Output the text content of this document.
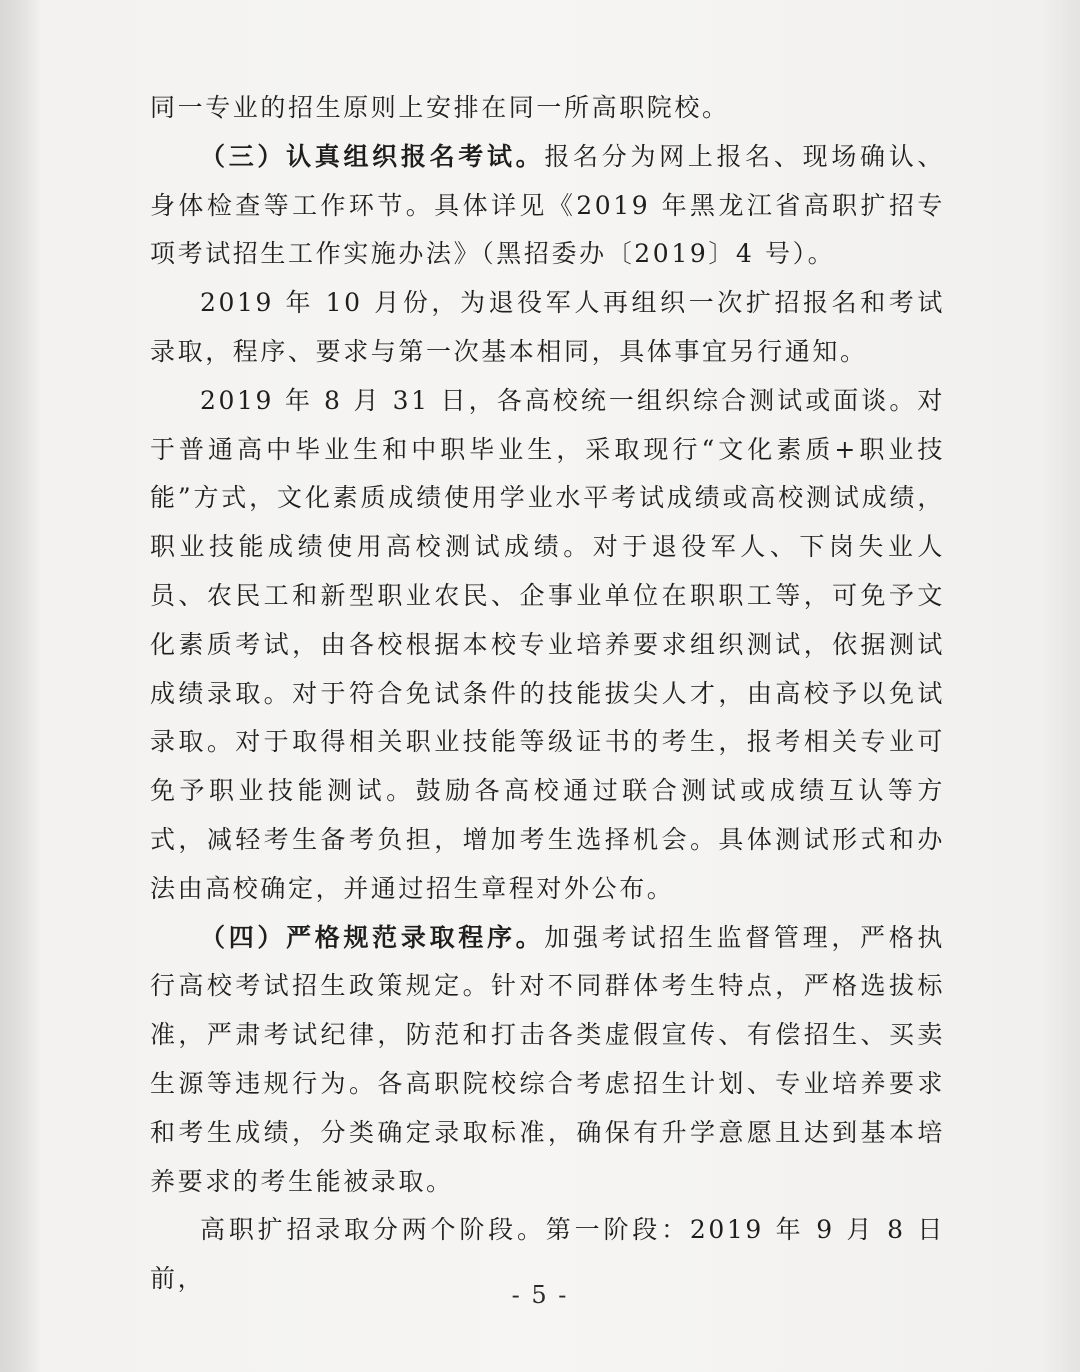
同一专业的招生原则上安排在同一所高职院校。

（三）认真组织报名考试。报名分为网上报名、现场确认、身体检查等工作环节。具体详见《2019 年黑龙江省高职扩招专项考试招生工作实施办法》（黑招委办〔2019〕4 号）。

2019 年 10 月份，为退役军人再组织一次扩招报名和考试录取，程序、要求与第一次基本相同，具体事宜另行通知。

2019 年 8 月 31 日，各高校统一组织综合测试或面谈。对于普通高中毕业生和中职毕业生，采取现行“文化素质+职业技能”方式，文化素质成绩使用学业水平考试成绩或高校测试成绩，职业技能成绩使用高校测试成绩。对于退役军人、下岗失业人员、农民工和新型职业农民、企事业单位在职职工等，可免予文化素质考试，由各校根据本校专业培养要求组织测试，依据测试成绩录取。对于符合免试条件的技能拔尖人才，由高校予以免试录取。对于取得相关职业技能等级证书的考生，报考相关专业可免予职业技能测试。鼓励各高校通过联合测试或成绩互认等方式，减轻考生备考负担，增加考生选择机会。具体测试形式和办法由高校确定，并通过招生章程对外公布。

（四）严格规范录取程序。加强考试招生监督管理，严格执行高校考试招生政策规定。针对不同群体考生特点，严格选拔标准，严肃考试纪律，防范和打击各类虚假宣传、有偿招生、买卖生源等违规行为。各高职院校综合考虑招生计划、专业培养要求和考生成绩，分类确定录取标准，确保有升学意愿且达到基本培养要求的考生能被录取。

高职扩招录取分两个阶段。第一阶段：2019 年 9 月 8 日前，

- 5 -
